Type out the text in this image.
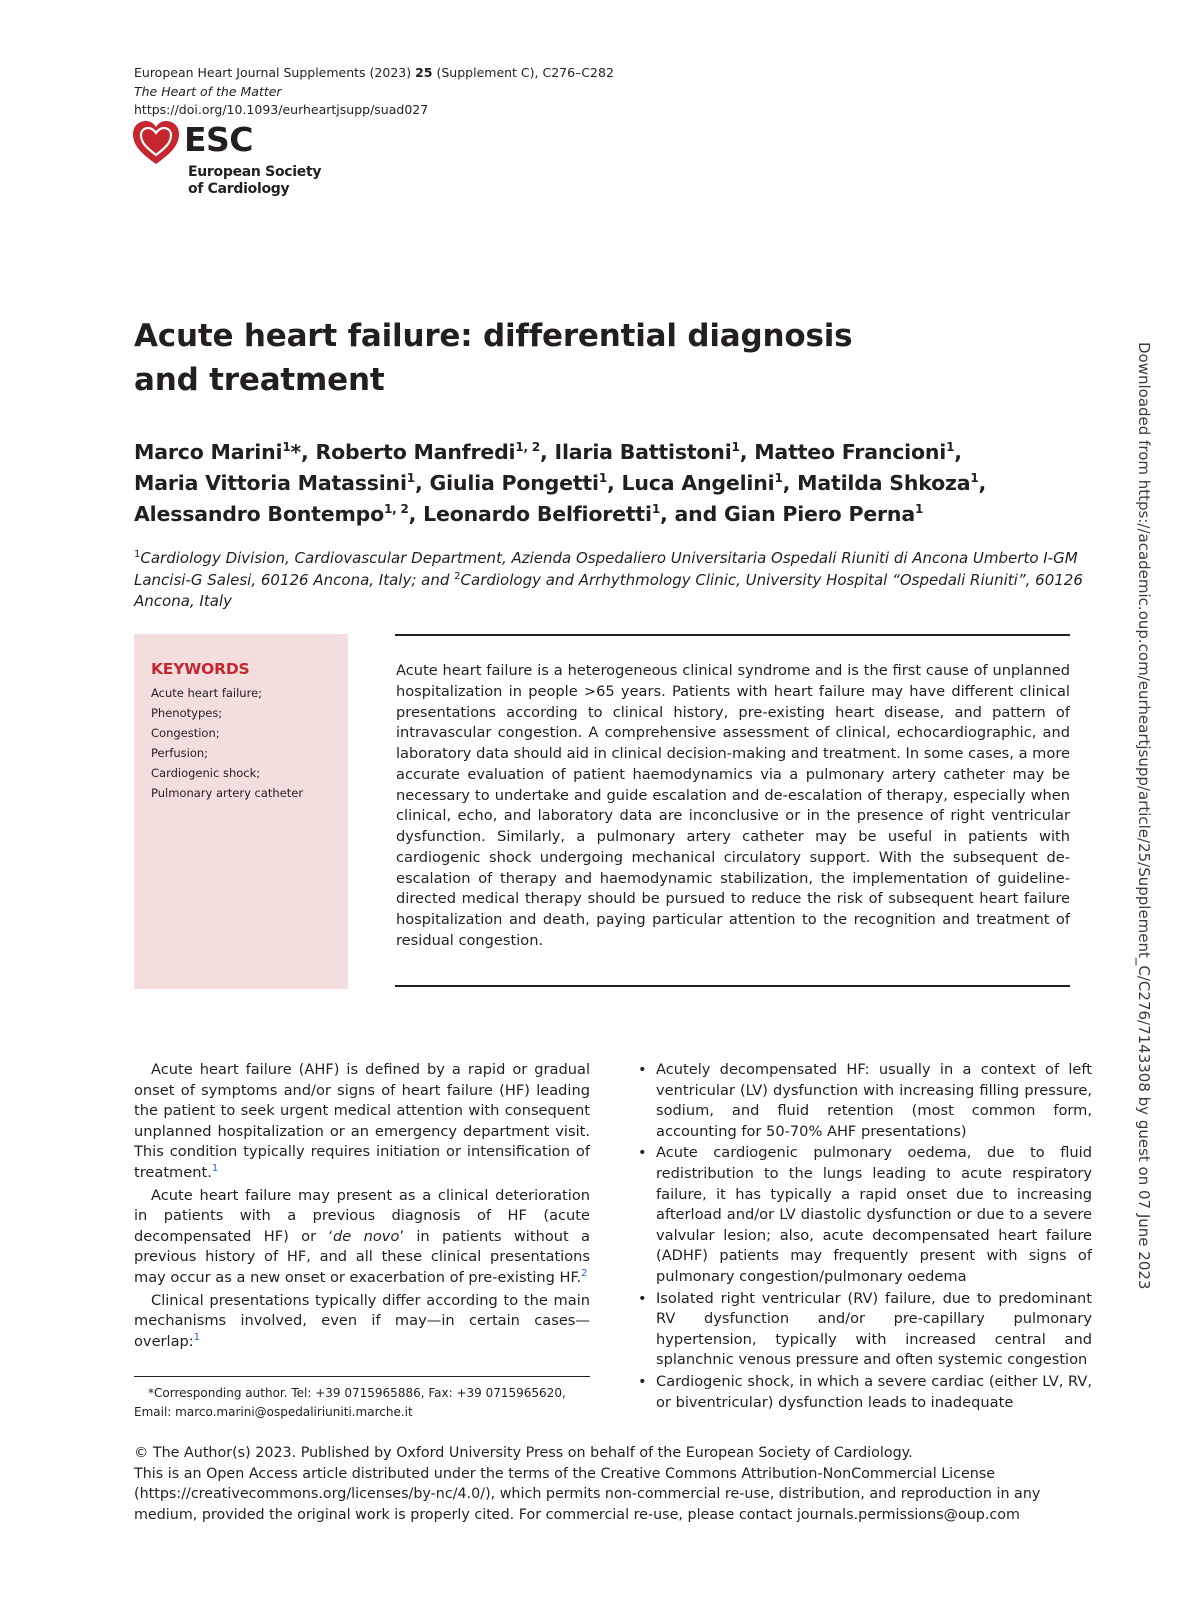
European Heart Journal Supplements (2023) 25 (Supplement C), C276–C282
The Heart of the Matter
https://doi.org/10.1093/eurheartjsupp/suad027
ESC
European Society
of Cardiology
Acute heart failure: differential diagnosis
and treatment
Marco Marini$^1$*, Roberto Manfredi$^{1, 2}$, Ilaria Battistoni$^1$, Matteo Francioni$^1$,
Maria Vittoria Matassini$^1$, Giulia Pongetti$^1$, Luca Angelini$^1$, Matilda Shkoza$^1$,
Alessandro Bontempo$^{1, 2}$, Leonardo Belfioretti$^1$, and Gian Piero Perna$^1$
$^1$Cardiology Division, Cardiovascular Department, Azienda Ospedaliero Universitaria Ospedali Riuniti di Ancona Umberto I-GM Lancisi-G Salesi, 60126 Ancona, Italy; and $^2$Cardiology and Arrhythmology Clinic, University Hospital “Ospedali Riuniti”, 60126 Ancona, Italy
KEYWORDS
Acute heart failure;
Phenotypes;
Congestion;
Perfusion;
Cardiogenic shock;
Pulmonary artery catheter
Acute heart failure is a heterogeneous clinical syndrome and is the first cause of unplanned hospitalization in people >65 years. Patients with heart failure may have different clinical presentations according to clinical history, pre-existing heart disease, and pattern of intravascular congestion. A comprehensive assessment of clinical, echocardiographic, and laboratory data should aid in clinical decision-making and treatment. In some cases, a more accurate evaluation of patient haemodynamics via a pulmonary artery catheter may be necessary to undertake and guide escalation and de-escalation of therapy, especially when clinical, echo, and laboratory data are inconclusive or in the presence of right ventricular dysfunction. Similarly, a pulmonary artery catheter may be useful in patients with cardiogenic shock undergoing mechanical circulatory support. With the subsequent de-escalation of therapy and haemodynamic stabilization, the implementation of guideline-directed medical therapy should be pursued to reduce the risk of subsequent heart failure hospitalization and death, paying particular attention to the recognition and treatment of residual congestion.

Acute heart failure (AHF) is defined by a rapid or gradual onset of symptoms and/or signs of heart failure (HF) leading the patient to seek urgent medical attention with consequent unplanned hospitalization or an emergency department visit. This condition typically requires initiation or intensification of treatment.$^1$

Acute heart failure may present as a clinical deterioration in patients with a previous diagnosis of HF (acute decompensated HF) or ‘de novo’ in patients without a previous history of HF, and all these clinical presentations may occur as a new onset or exacerbation of pre-existing HF.$^2$

Clinical presentations typically differ according to the main mechanisms involved, even if may—in certain cases—overlap:$^1$

• Acutely decompensated HF: usually in a context of left ventricular (LV) dysfunction with increasing filling pressure, sodium, and fluid retention (most common form, accounting for 50-70% AHF presentations)
• Acute cardiogenic pulmonary oedema, due to fluid redistribution to the lungs leading to acute respiratory failure, it has typically a rapid onset due to increasing afterload and/or LV diastolic dysfunction or due to a severe valvular lesion; also, acute decompensated heart failure (ADHF) patients may frequently present with signs of pulmonary congestion/pulmonary oedema
• Isolated right ventricular (RV) failure, due to predominant RV dysfunction and/or pre-capillary pulmonary hypertension, typically with increased central and splanchnic venous pressure and often systemic congestion
• Cardiogenic shock, in which a severe cardiac (either LV, RV, or biventricular) dysfunction leads to inadequate
*Corresponding author. Tel: +39 0715965886, Fax: +39 0715965620,
Email: marco.marini@ospedaliriuniti.marche.it
© The Author(s) 2023. Published by Oxford University Press on behalf of the European Society of Cardiology.
This is an Open Access article distributed under the terms of the Creative Commons Attribution-NonCommercial License (https://creativecommons.org/licenses/by-nc/4.0/), which permits non-commercial re-use, distribution, and reproduction in any medium, provided the original work is properly cited. For commercial re-use, please contact journals.permissions@oup.com
Downloaded from https://academic.oup.com/eurheartjsupp/article/25/Supplement_C/C276/7143308 by guest on 07 June 2023
